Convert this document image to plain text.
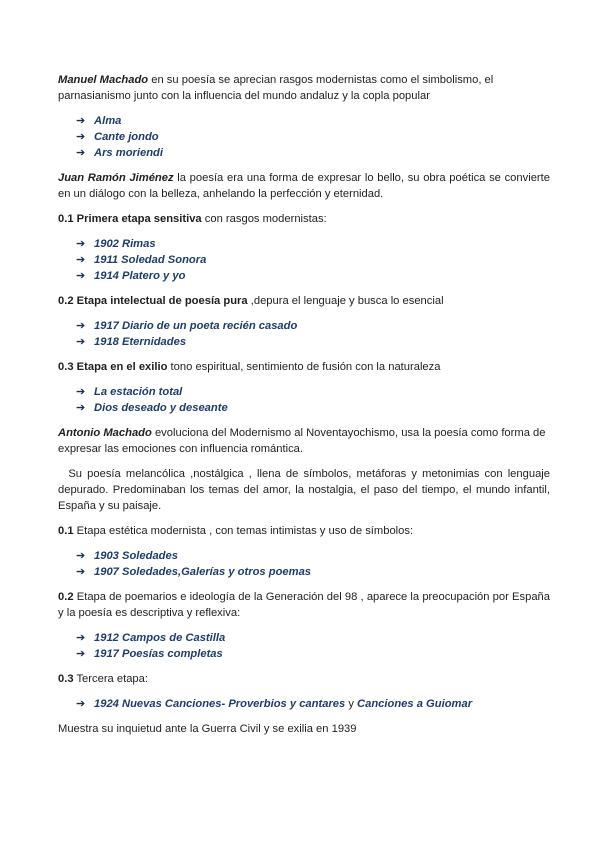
Manuel Machado en su poesía se aprecian rasgos modernistas como el simbolismo, el parnasianismo junto con la influencia del mundo andaluz y la copla popular

➔ Alma
➔ Cante jondo
➔ Ars moriendi

Juan Ramón Jiménez la poesía era una forma de expresar lo bello, su obra poética se convierte en un diálogo con la belleza, anhelando la perfección y eternidad.

0.1 Primera etapa sensitiva con rasgos modernistas:

➔ 1902 Rimas
➔ 1911 Soledad Sonora
➔ 1914 Platero y yo

0.2 Etapa intelectual de poesía pura ,depura el lenguaje y busca lo esencial

➔ 1917 Diario de un poeta recién casado
➔ 1918 Eternidades

0.3 Etapa en el exilio tono espiritual, sentimiento de fusión con la naturaleza

➔ La estación total
➔ Dios deseado y deseante

Antonio Machado evoluciona del Modernismo al Noventayochismo, usa la poesía como forma de expresar las emociones con influencia romántica.

Su poesía melancólica ,nostálgica , llena de símbolos, metáforas y metonimias con lenguaje depurado. Predominaban los temas del amor, la nostalgia, el paso del tiempo, el mundo infantil, España y su paisaje.

0.1 Etapa estética modernista , con temas intimistas y uso de símbolos:

➔ 1903 Soledades
➔ 1907 Soledades,Galerías y otros poemas

0.2 Etapa de poemarios e ideología de la Generación del 98 , aparece la preocupación por España y la poesía es descriptiva y reflexiva:

➔ 1912 Campos de Castilla
➔ 1917 Poesías completas

0.3 Tercera etapa:

➔ 1924 Nuevas Canciones- Proverbios y cantares y Canciones a Guiomar

Muestra su inquietud ante la Guerra Civil y se exilia en 1939
